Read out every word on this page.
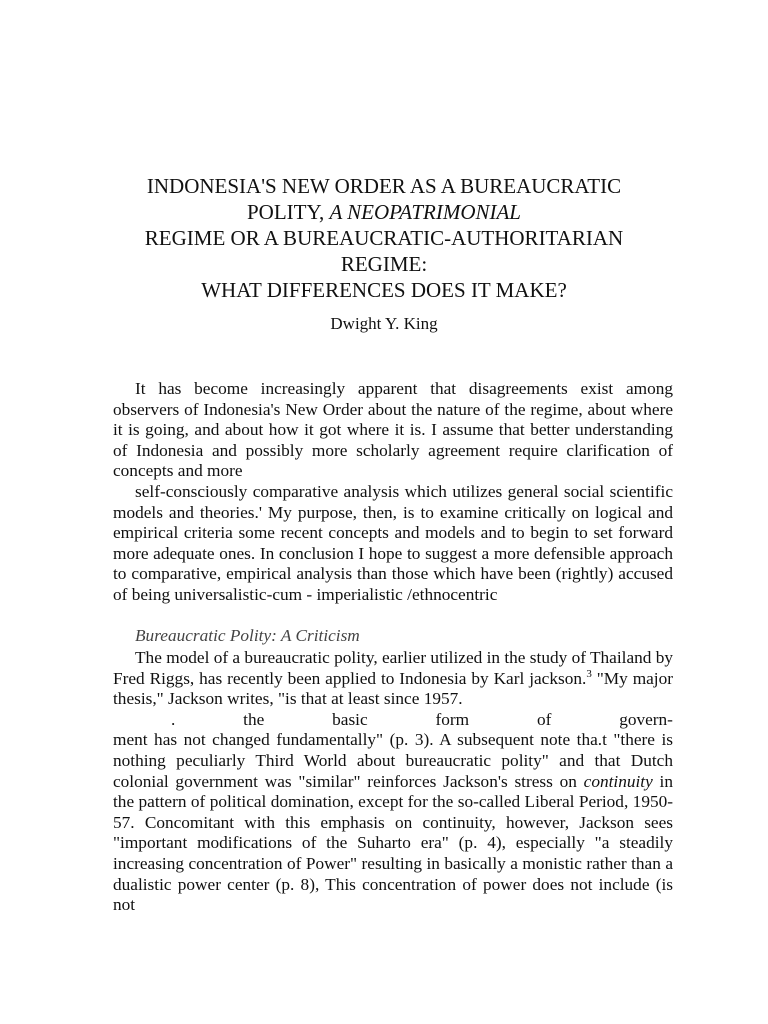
INDONESIA'S NEW ORDER AS A BUREAUCRATIC
POLITY, A NEOPATRIMONIAL
REGIME OR A BUREAUCRATIC-AUTHORITARIAN
REGIME:
WHAT DIFFERENCES DOES IT MAKE?
Dwight Y. King
It has become increasingly apparent that disagreements exist among observers of Indonesia's New Order about the nature of the regime, about where it is going, and about how it got where it is. I assume that better understanding of Indonesia and possibly more scholarly agreement require clarification of concepts and more
self-consciously comparative analysis which utilizes general social scientific models and theories.' My purpose, then, is to examine critically on logical and empirical criteria some recent concepts and models and to begin to set forward more adequate ones. In conclusion I hope to suggest a more defensible approach to comparative, empirical analysis than those which have been (rightly) accused of being universalistic-cum - imperialistic /ethnocentric
Bureaucratic Polity: A Criticism
The model of a bureaucratic polity, earlier utilized in the study of Thailand by Fred Riggs, has recently been applied to Indonesia by Karl jackson.$^3$ "My major thesis," Jackson writes, "is that at least since 1957.
.	the	basic	form	of	govern-
ment has not changed fundamentally" (p. 3). A subsequent note tha.t "there is nothing peculiarly Third World about bureaucratic polity" and that Dutch colonial government was "similar" reinforces Jackson's stress on continuity in the pattern of political domination, except for the so-called Liberal Period, 1950-57. Concomitant with this emphasis on continuity, however, Jackson sees "important modifications of the Suharto era" (p. 4), especially "a steadily increasing concentration of Power" resulting in basically a monistic rather than a dualistic power center (p. 8), This concentration of power does not include (is not
